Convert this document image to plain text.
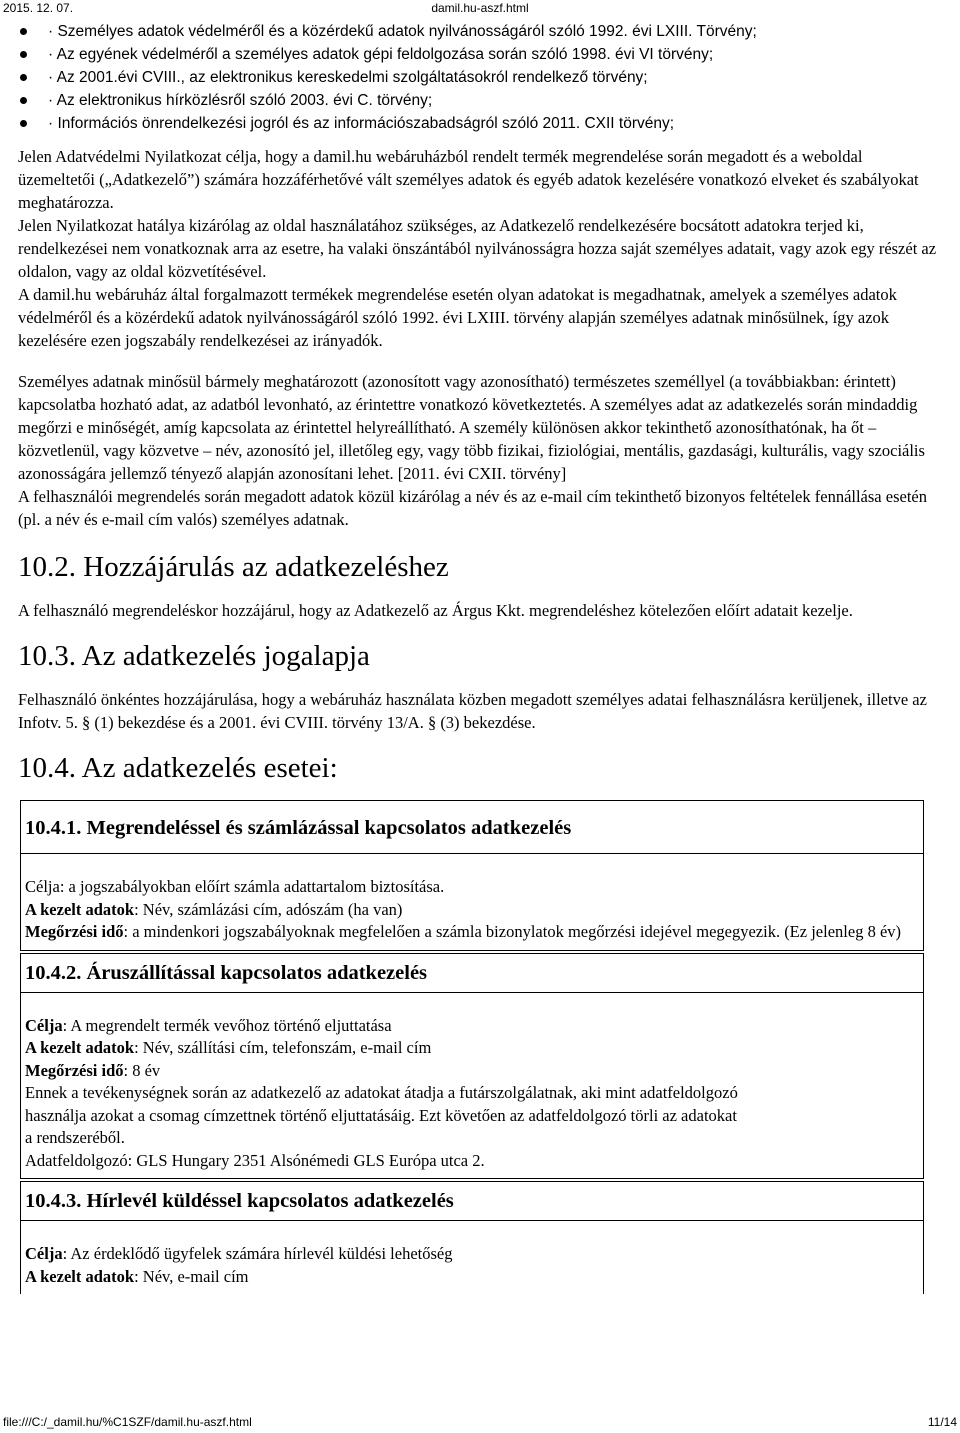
2015. 12. 07.	damil.hu-aszf.html
· Személyes adatok védelméről és a közérdekű adatok nyilvánosságáról szóló 1992. évi LXIII. Törvény;
· Az egyének védelméről a személyes adatok gépi feldolgozása során szóló 1998. évi VI törvény;
· Az 2001.évi CVIII., az elektronikus kereskedelmi szolgáltatásokról rendelkező törvény;
· Az elektronikus hírközlésről szóló 2003. évi C. törvény;
· Információs önrendelkezési jogról és az információszabadságról szóló 2011. CXII törvény;

Jelen Adatvédelmi Nyilatkozat célja, hogy a damil.hu webáruházból rendelt termék megrendelése során megadott és a weboldal üzemeltetői („Adatkezelő”) számára hozzáférhetővé vált személyes adatok és egyéb adatok kezelésére vonatkozó elveket és szabályokat meghatározza.

Jelen Nyilatkozat hatálya kizárólag az oldal használatához szükséges, az Adatkezelő rendelkezésére bocsátott adatokra terjed ki, rendelkezései nem vonatkoznak arra az esetre, ha valaki önszántából nyilvánosságra hozza saját személyes adatait, vagy azok egy részét az oldalon, vagy az oldal közvetítésével.

A damil.hu webáruház által forgalmazott termékek megrendelése esetén olyan adatokat is megadhatnak, amelyek a személyes adatok védelméről és a közérdekű adatok nyilvánosságáról szóló 1992. évi LXIII. törvény alapján személyes adatnak minősülnek, így azok kezelésére ezen jogszabály rendelkezései az irányadók.

Személyes adatnak minősül bármely meghatározott (azonosított vagy azonosítható) természetes személlyel (a továbbiakban: érintett) kapcsolatba hozható adat, az adatból levonható, az érintettre vonatkozó következtetés. A személyes adat az adatkezelés során mindaddig megőrzi e minőségét, amíg kapcsolata az érintettel helyreállítható. A személy különösen akkor tekinthető azonosíthatónak, ha őt – közvetlenül, vagy közvetve – név, azonosító jel, illetőleg egy, vagy több fizikai, fiziológiai, mentális, gazdasági, kulturális, vagy szociális azonosságára jellemző tényező alapján azonosítani lehet. [2011. évi CXII. törvény]

A felhasználói megrendelés során megadott adatok közül kizárólag a név és az e-mail cím tekinthető bizonyos feltételek fennállása esetén (pl. a név és e-mail cím valós) személyes adatnak.

10.2. Hozzájárulás az adatkezeléshez

A felhasználó megrendeléskor hozzájárul, hogy az Adatkezelő az Árgus Kkt. megrendeléshez kötelezően előírt adatait kezelje.

10.3. Az adatkezelés jogalapja

Felhasználó önkéntes hozzájárulása, hogy a webáruház használata közben megadott személyes adatai felhasználásra kerüljenek, illetve az Infotv. 5. § (1) bekezdése és a 2001. évi CVIII. törvény 13/A. § (3) bekezdése.

10.4. Az adatkezelés esetei:
10.4.1. Megrendeléssel és számlázással kapcsolatos adatkezelés
Célja: a jogszabályokban előírt számla adattartalom biztosítása.
A kezelt adatok: Név, számlázási cím, adószám (ha van)
Megőrzési idő: a mindenkori jogszabályoknak megfelelően a számla bizonylatok megőrzési idejével megegyezik. (Ez jelenleg 8 év)
10.4.2. Áruszállítással kapcsolatos adatkezelés
Célja: A megrendelt termék vevőhoz történő eljuttatása
A kezelt adatok: Név, szállítási cím, telefonszám, e-mail cím
Megőrzési idő: 8 év
Ennek a tevékenységnek során az adatkezelő az adatokat átadja a futárszolgálatnak, aki mint adatfeldolgozó használja azokat a csomag címzettnek történő eljuttatásáig. Ezt követően az adatfeldolgozó törli az adatokat a rendszeréből.
Adatfeldolgozó: GLS Hungary 2351 Alsónémedi GLS Európa utca 2.
10.4.3. Hírlevél küldéssel kapcsolatos adatkezelés
Célja: Az érdeklődő ügyfelek számára hírlevél küldési lehetőség
A kezelt adatok: Név, e-mail cím
file:///C:/_damil.hu/%C1SZF/damil.hu-aszf.html	11/14
